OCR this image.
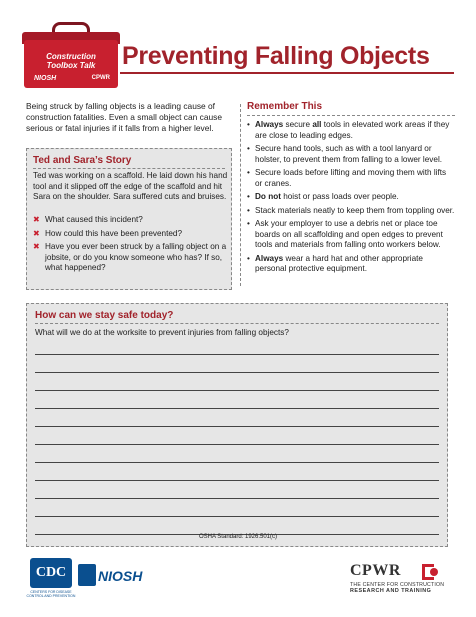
Construction
Toolbox Talk
NIOSH	CPWR
Preventing Falling Objects

Being struck by falling objects is a leading cause of construction fatalities. Even a small object can cause serious or fatal injuries if it falls from a higher level.

Ted and Sara’s Story

Ted was working on a scaffold. He laid down his hand tool and it slipped off the edge of the scaffold and hit Sara on the shoulder. Sara suffered cuts and bruises.

✖ What caused this incident?
✖ How could this have been prevented?
✖ Have you ever been struck by a falling object on a jobsite, or do you know someone who has? If so, what happened?
Remember This
• Always secure all tools in elevated work areas if they are close to leading edges.
• Secure hand tools, such as with a tool lanyard or holster, to prevent them from falling to a lower level.
• Secure loads before lifting and moving them with lifts or cranes.
• Do not hoist or pass loads over people.
• Stack materials neatly to keep them from toppling over.
• Ask your employer to use a debris net or place toe boards on all scaffolding and open edges to prevent tools and materials from falling onto workers below.
• Always wear a hard hat and other appropriate personal protective equipment.
How can we stay safe today?
What will we do at the worksite to prevent injuries from falling objects?
OSHA Standard: 1926.501(c)
CDC
CENTERS FOR DISEASE CONTROL AND PREVENTION
NIOSH	CPWR
THE CENTER FOR CONSTRUCTION
RESEARCH AND TRAINING
